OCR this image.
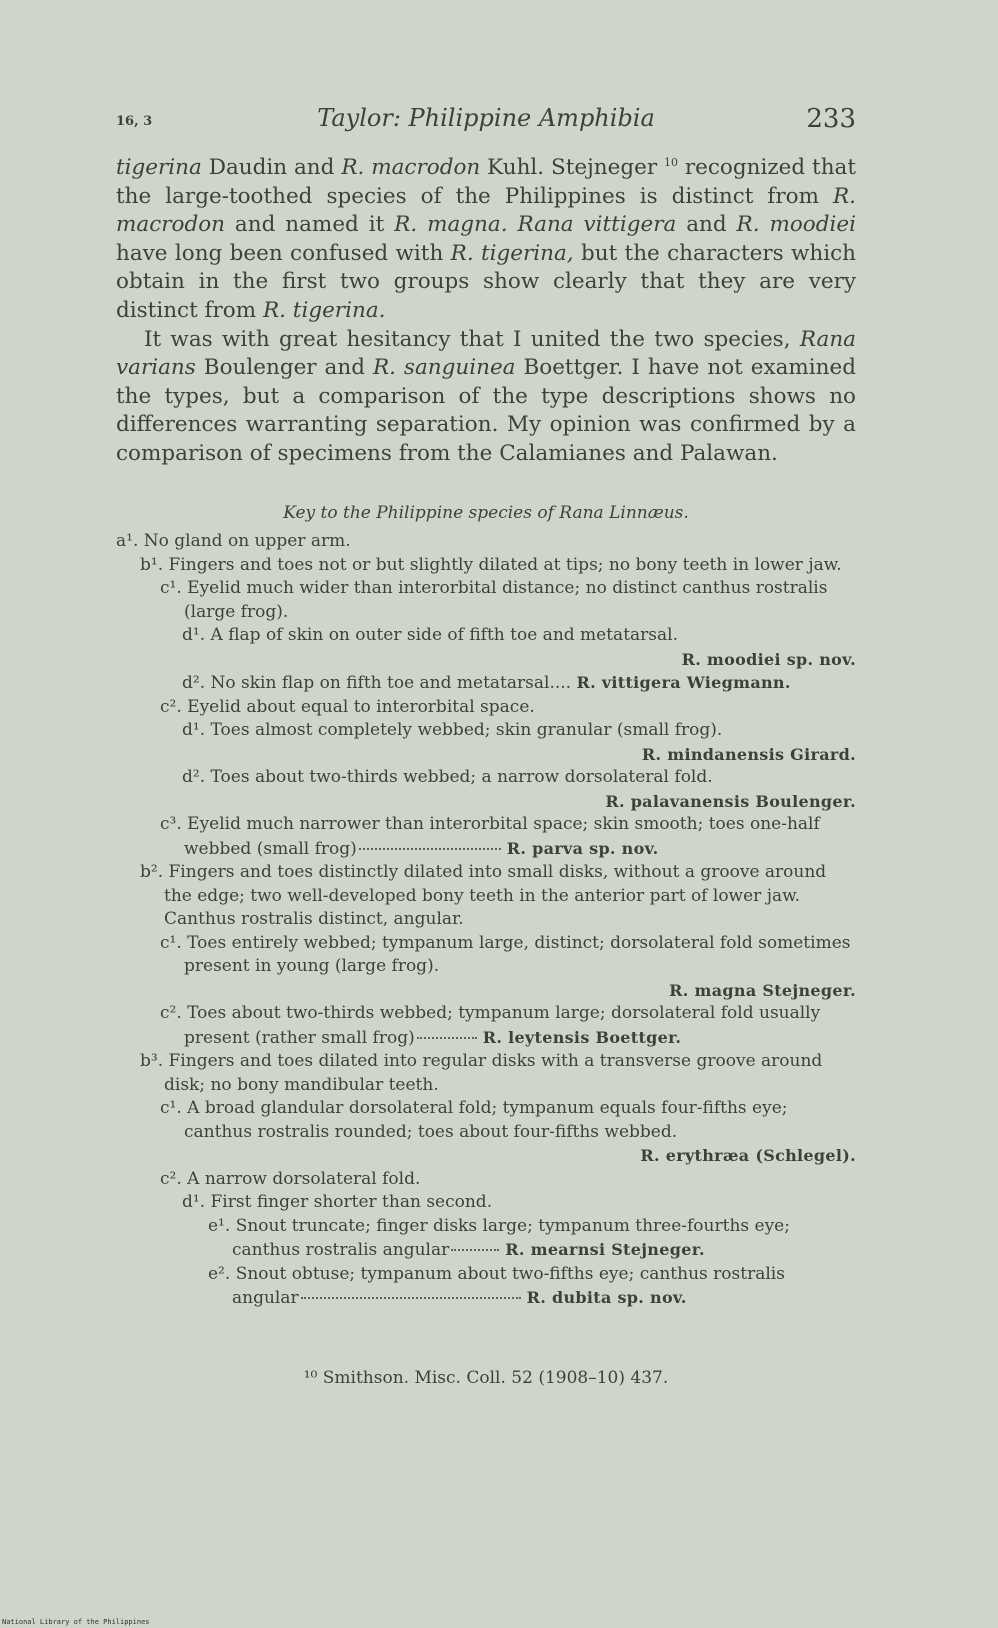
16, 3	Taylor: Philippine Amphibia	233

tigerina Daudin and R. macrodon Kuhl. Stejneger $^{10}$ recognized that the large-toothed species of the Philippines is distinct from R. macrodon and named it R. magna. Rana vittigera and R. moodiei have long been confused with R. tigerina, but the characters which obtain in the first two groups show clearly that they are very distinct from R. tigerina.

It was with great hesitancy that I united the two species, Rana varians Boulenger and R. sanguinea Boettger. I have not examined the types, but a comparison of the type descriptions shows no differences warranting separation. My opinion was confirmed by a comparison of specimens from the Calamianes and Palawan.

Key to the Philippine species of Rana Linnæus.
a¹. No gland on upper arm.
b¹. Fingers and toes not or but slightly dilated at tips; no bony teeth in lower jaw.
c¹. Eyelid much wider than interorbital distance; no distinct canthus rostralis (large frog).
d¹. A flap of skin on outer side of fifth toe and metatarsal.
R. moodiei sp. nov.
d². No skin flap on fifth toe and metatarsal.... R. vittigera Wiegmann.
c². Eyelid about equal to interorbital space.
d¹. Toes almost completely webbed; skin granular (small frog).
R. mindanensis Girard.
d². Toes about two-thirds webbed; a narrow dorsolateral fold.
R. palavanensis Boulenger.
c³. Eyelid much narrower than interorbital space; skin smooth; toes one-half webbed (small frog)	R. parva sp. nov.
b². Fingers and toes distinctly dilated into small disks, without a groove around the edge; two well-developed bony teeth in the anterior part of lower jaw. Canthus rostralis distinct, angular.
c¹. Toes entirely webbed; tympanum large, distinct; dorsolateral fold sometimes present in young (large frog).
R. magna Stejneger.
c². Toes about two-thirds webbed; tympanum large; dorsolateral fold usually present (rather small frog)	R. leytensis Boettger.
b³. Fingers and toes dilated into regular disks with a transverse groove around disk; no bony mandibular teeth.
c¹. A broad glandular dorsolateral fold; tympanum equals four-fifths eye; canthus rostralis rounded; toes about four-fifths webbed.
R. erythræa (Schlegel).
c². A narrow dorsolateral fold.
d¹. First finger shorter than second.
e¹. Snout truncate; finger disks large; tympanum three-fourths eye; canthus rostralis angular	R. mearnsi Stejneger.
e². Snout obtuse; tympanum about two-fifths eye; canthus rostralis angular	R. dubita sp. nov.
¹⁰ Smithson. Misc. Coll. 52 (1908–10) 437.
National Library of the Philippines
